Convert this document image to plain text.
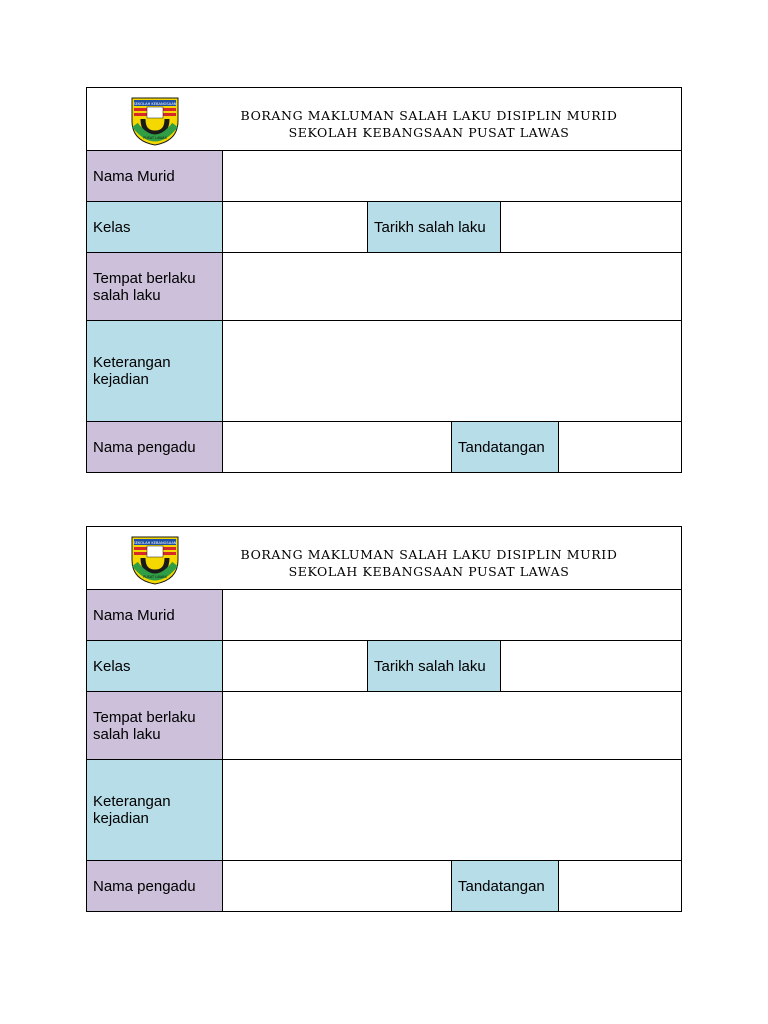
SEKOLAH KEBANGSAAN
PUSAT LAWAS
BORANG MAKLUMAN SALAH LAKU DISIPLIN MURID
SEKOLAH KEBANGSAAN PUSAT LAWAS
Nama Murid
Kelas	Tarikh salah laku
Tempat berlaku
salah laku
Keterangan
kejadian
Nama pengadu	Tandatangan
SEKOLAH KEBANGSAAN
PUSAT LAWAS
BORANG MAKLUMAN SALAH LAKU DISIPLIN MURID
SEKOLAH KEBANGSAAN PUSAT LAWAS
Nama Murid
Kelas	Tarikh salah laku
Tempat berlaku
salah laku
Keterangan
kejadian
Nama pengadu	Tandatangan
